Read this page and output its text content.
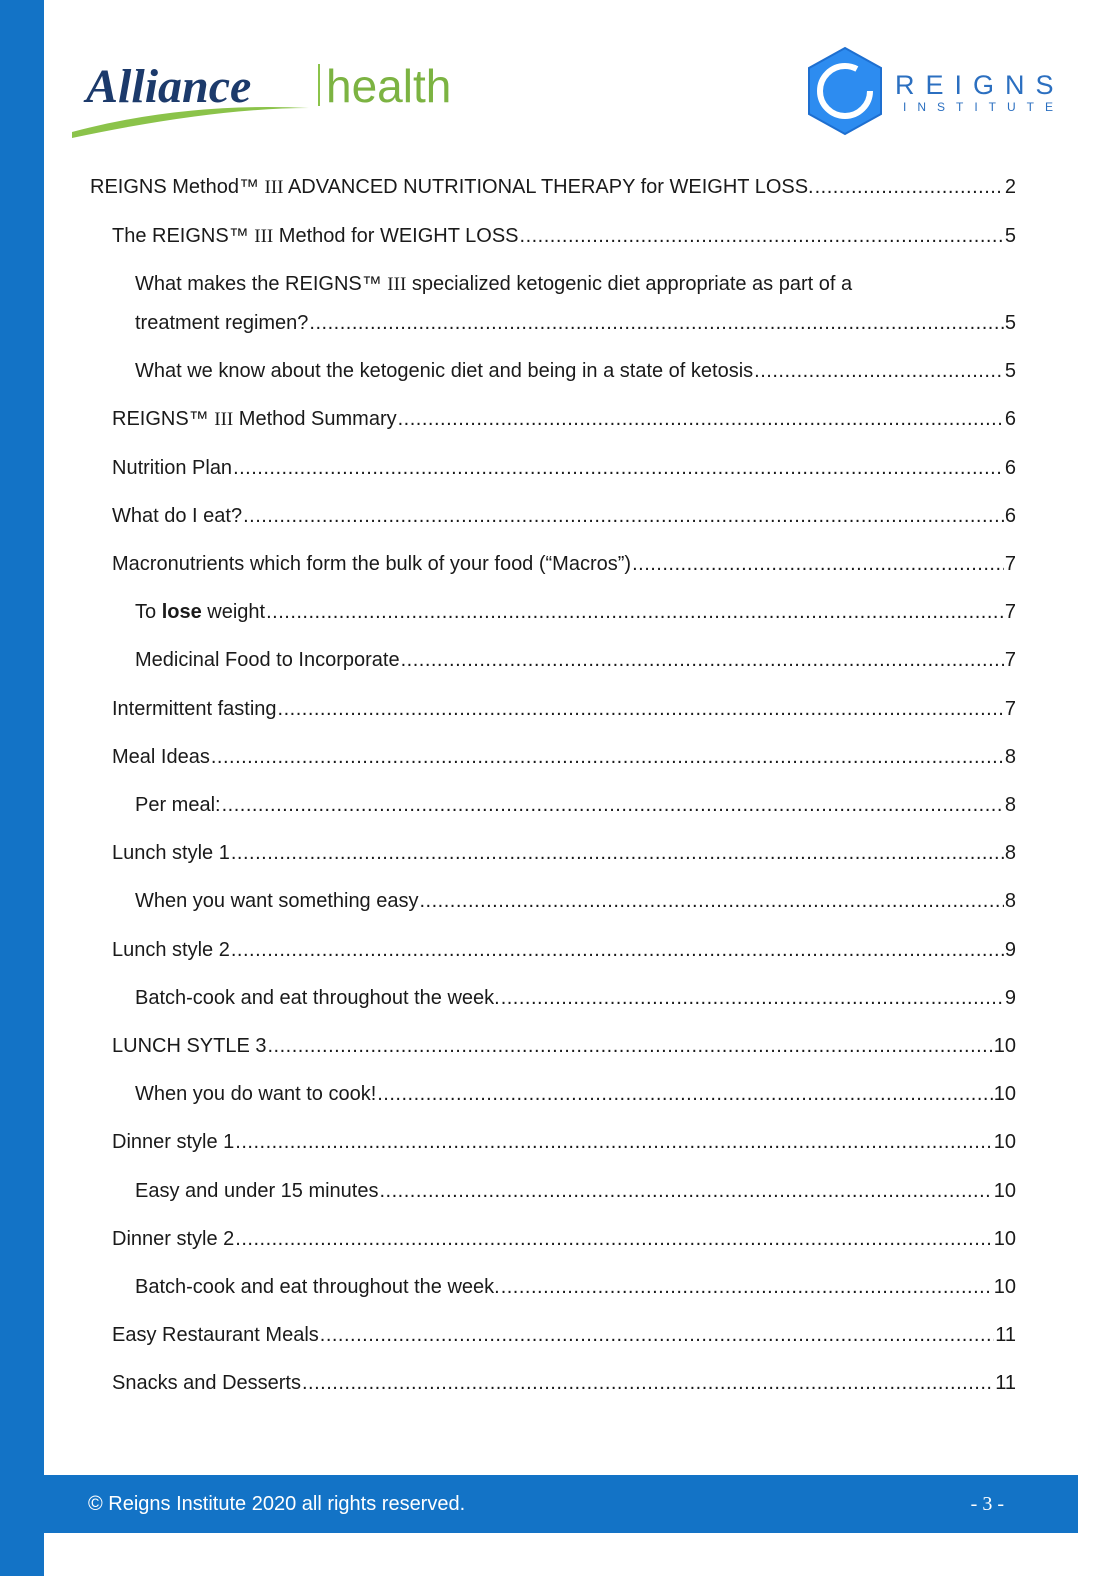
Alliance health	REIGNS
INSTITUTE
REIGNS Method™ III ADVANCED NUTRITIONAL THERAPY for WEIGHT LOSS. .....	2
The REIGNS™ III Method for WEIGHT LOSS .....	5
What makes the REIGNS™ III specialized ketogenic diet appropriate as part of a
treatment regimen? .....	5
What we know about the ketogenic diet and being in a state of ketosis .....	5
REIGNS™ III Method Summary .....	6
Nutrition Plan .....	6
What do I eat? .....	6
Macronutrients which form the bulk of your food (“Macros”) .....	7
To lose weight .....	7
Medicinal Food to Incorporate .....	7
Intermittent fasting .....	7
Meal Ideas .....	8
Per meal: .....	8
Lunch style 1 .....	8
When you want something easy .....	8
Lunch style 2 .....	9
Batch-cook and eat throughout the week. .....	9
LUNCH SYTLE 3 .....	10
When you do want to cook! .....	10
Dinner style 1 .....	10
Easy and under 15 minutes .....	10
Dinner style 2 .....	10
Batch-cook and eat throughout the week. .....	10
Easy Restaurant Meals .....	11
Snacks and Desserts .....	11
© Reigns Institute 2020 all rights reserved.	- 3 -
